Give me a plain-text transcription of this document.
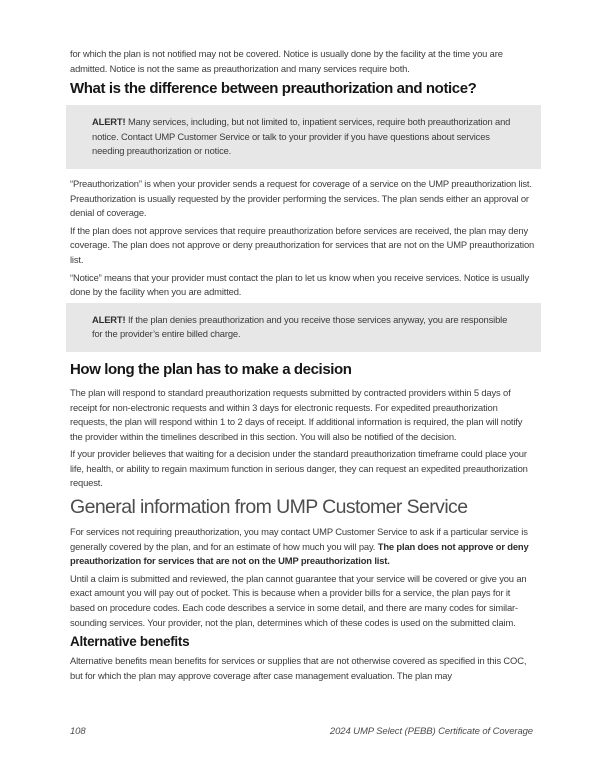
for which the plan is not notified may not be covered. Notice is usually done by the facility at the time you are admitted. Notice is not the same as preauthorization and many services require both.

What is the difference between preauthorization and notice?

ALERT! Many services, including, but not limited to, inpatient services, require both preauthorization and notice. Contact UMP Customer Service or talk to your provider if you have questions about services needing preauthorization or notice.

“Preauthorization” is when your provider sends a request for coverage of a service on the UMP preauthorization list. Preauthorization is usually requested by the provider performing the services. The plan sends either an approval or denial of coverage.

If the plan does not approve services that require preauthorization before services are received, the plan may deny coverage. The plan does not approve or deny preauthorization for services that are not on the UMP preauthorization list.

“Notice” means that your provider must contact the plan to let us know when you receive services. Notice is usually done by the facility when you are admitted.

ALERT! If the plan denies preauthorization and you receive those services anyway, you are responsible for the provider’s entire billed charge.

How long the plan has to make a decision

The plan will respond to standard preauthorization requests submitted by contracted providers within 5 days of receipt for non-electronic requests and within 3 days for electronic requests. For expedited preauthorization requests, the plan will respond within 1 to 2 days of receipt. If additional information is required, the plan will notify the provider within the timelines described in this section. You will also be notified of the decision.

If your provider believes that waiting for a decision under the standard preauthorization timeframe could place your life, health, or ability to regain maximum function in serious danger, they can request an expedited preauthorization request.

General information from UMP Customer Service

For services not requiring preauthorization, you may contact UMP Customer Service to ask if a particular service is generally covered by the plan, and for an estimate of how much you will pay. The plan does not approve or deny preauthorization for services that are not on the UMP preauthorization list.

Until a claim is submitted and reviewed, the plan cannot guarantee that your service will be covered or give you an exact amount you will pay out of pocket. This is because when a provider bills for a service, the plan pays for it based on procedure codes. Each code describes a service in some detail, and there are many codes for similar-sounding services. Your provider, not the plan, determines which of these codes is used on the submitted claim.

Alternative benefits

Alternative benefits mean benefits for services or supplies that are not otherwise covered as specified in this COC, but for which the plan may approve coverage after case management evaluation. The plan may

108	2024 UMP Select (PEBB) Certificate of Coverage
